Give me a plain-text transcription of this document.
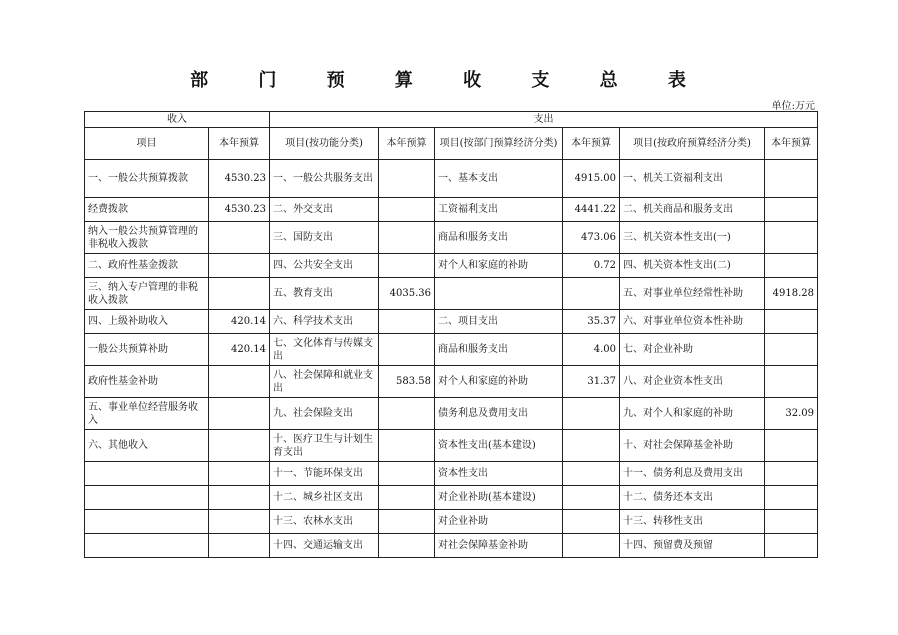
部 门 预 算 收 支 总 表
单位:万元
收入		支出					
项目	本年预算	项目(按功能分类)	本年预算	项目(按部门预算经济分类)	本年预算	项目(按政府预算经济分类)	本年预算
一、一般公共预算拨款	4530.23	一、一般公共服务支出		一、基本支出	4915.00	一、机关工资福利支出	
经费拨款	4530.23	二、外交支出		工资福利支出	4441.22	二、机关商品和服务支出	
纳入一般公共预算管理的非税收入拨款		三、国防支出		商品和服务支出	473.06	三、机关资本性支出(一)	
二、政府性基金拨款		四、公共安全支出		对个人和家庭的补助	0.72	四、机关资本性支出(二)	
三、纳入专户管理的非税收入拨款		五、教育支出	4035.36			五、对事业单位经常性补助	4918.28
四、上级补助收入	420.14	六、科学技术支出		二、项目支出	35.37	六、对事业单位资本性补助	
一般公共预算补助	420.14	七、文化体育与传媒支出		商品和服务支出	4.00	七、对企业补助	
政府性基金补助		八、社会保障和就业支出	583.58	对个人和家庭的补助	31.37	八、对企业资本性支出	
五、事业单位经营服务收入		九、社会保险支出		债务利息及费用支出		九、对个人和家庭的补助	32.09
六、其他收入		十、医疗卫生与计划生育支出		资本性支出(基本建设)		十、对社会保障基金补助	
		十一、节能环保支出		资本性支出		十一、债务利息及费用支出	
		十二、城乡社区支出		对企业补助(基本建设)		十二、债务还本支出	
		十三、农林水支出		对企业补助		十三、转移性支出	
		十四、交通运输支出		对社会保障基金补助		十四、预留费及预留	
